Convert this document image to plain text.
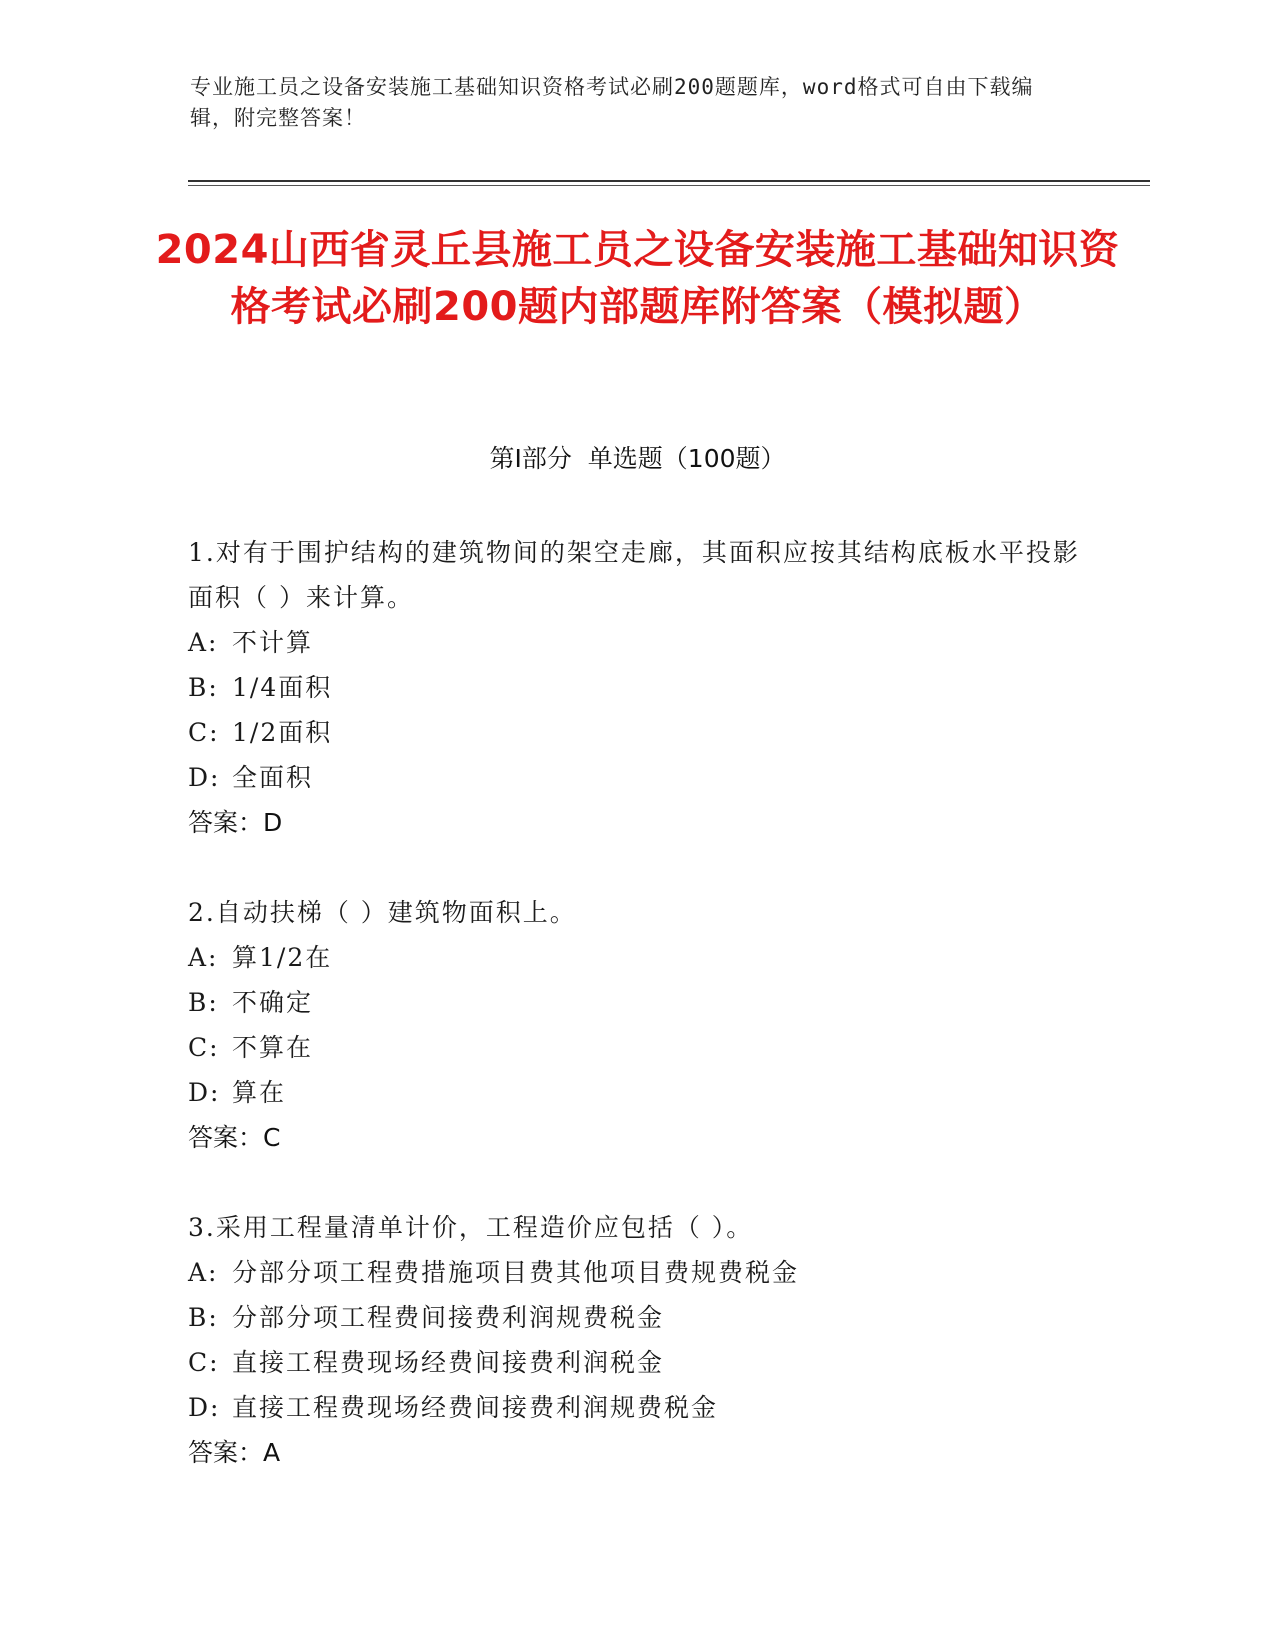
专业施工员之设备安装施工基础知识资格考试必刷200题题库，word格式可自由下载编辑，附完整答案！
2024山西省灵丘县施工员之设备安装施工基础知识资格考试必刷200题内部题库附答案（模拟题）
第I部分 单选题（100题）
1.对有于围护结构的建筑物间的架空走廊，其面积应按其结构底板水平投影面积（ ）来计算。
A: 不计算
B: 1/4面积
C: 1/2面积
D: 全面积
答案：D
2.自动扶梯（ ）建筑物面积上。
A: 算1/2在
B: 不确定
C: 不算在
D: 算在
答案：C
3.采用工程量清单计价，工程造价应包括（ ）。
A: 分部分项工程费措施项目费其他项目费规费税金
B: 分部分项工程费间接费利润规费税金
C: 直接工程费现场经费间接费利润税金
D: 直接工程费现场经费间接费利润规费税金
答案：A
